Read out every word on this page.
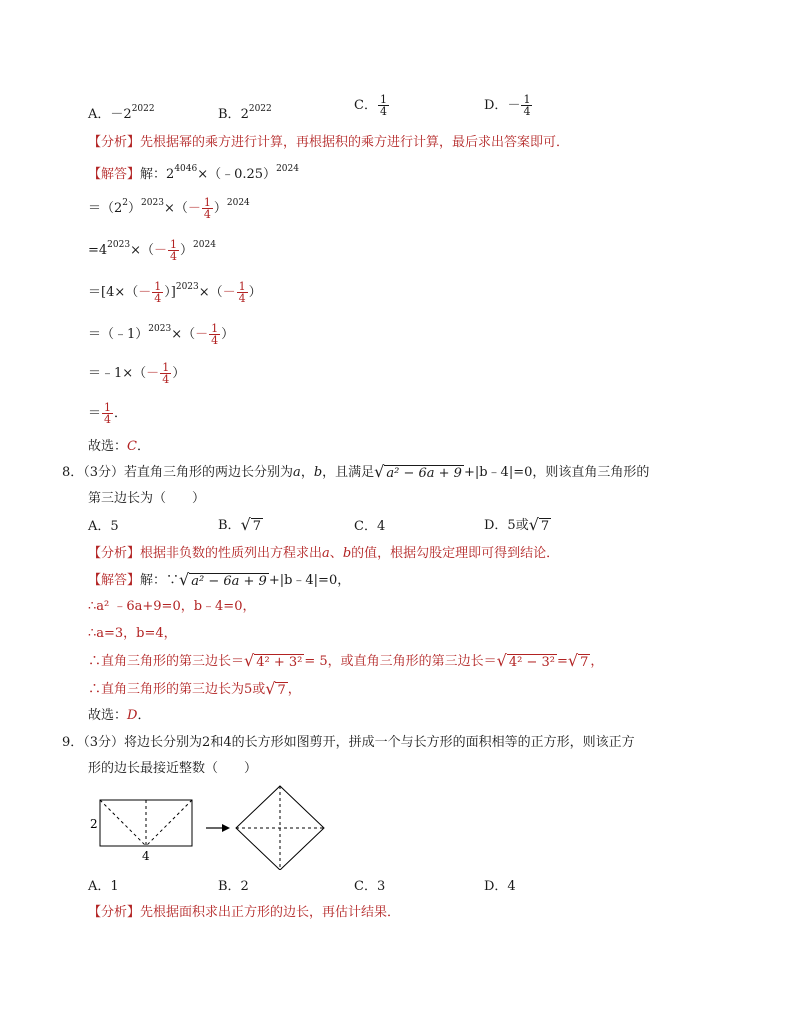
A．$-2^{2022}$	B．$2^{2022}$	C． $\frac{1}{4}$	D．－ $\frac{1}{4}$
【分析】先根据幂的乘方进行计算，再根据积的乘方进行计算，最后求出答案即可．
【解答】解：$2^{4046}\times(﹣0.25)^{2024}$
$=(2^2)^{2023}\times(- \frac{1}{4} )^{2024}$
$=4^{2023}\times(- \frac{1}{4} )^{2024}$
$=[4\times(- \frac{1}{4} )]^{2023}\times(- \frac{1}{4}$ ）
＝（﹣1）$^{2023}$×（－ $\frac{1}{4}$ ）
＝﹣1×（－ $\frac{1}{4}$ ）
＝ $\frac{1}{4}$ ．
故选：C．
8．（3分）若直角三角形的两边长分别为a，b，且满足 √ a² − 6a + 9 +|b﹣4|=0，则该直角三角形的
第三边长为（　　）
A．5	B． √ 7	C．4	D．5或 √ 7
【分析】根据非负数的性质列出方程求出a、b的值，根据勾股定理即可得到结论．
【解答】解：∵ √ a² − 6a + 9 +|b﹣4|=0，
∴a² ﹣6a+9=0，b﹣4=0，
∴a=3，b=4，
∴直角三角形的第三边长＝ √ 4² + 3² = 5，或直角三角形的第三边长＝ √ 4² − 3² = √ 7 ，
∴直角三角形的第三边长为5或 √ 7 ，
故选：D．
9．（3分）将边长分别为2和4的长方形如图剪开，拼成一个与长方形的面积相等的正方形，则该正方
形的边长最接近整数（　　）
2
4
A．1	B．2	C．3	D．4
【分析】先根据面积求出正方形的边长，再估计结果．
